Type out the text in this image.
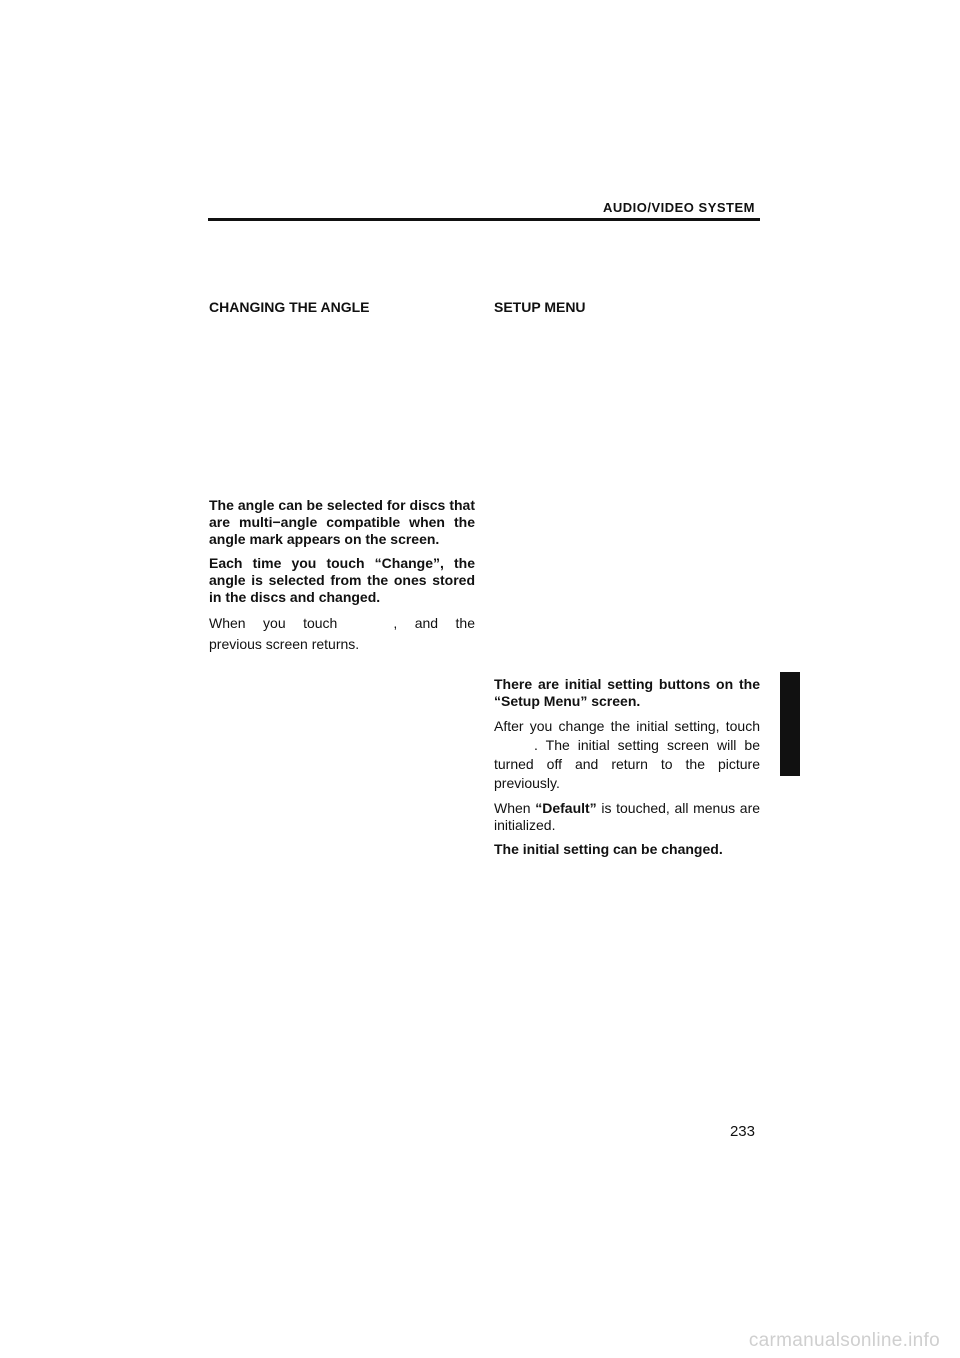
AUDIO/VIDEO SYSTEM
CHANGING THE ANGLE	SETUP MENU

The angle can be selected for discs that are multi−angle compatible when the angle mark appears on the screen.

Each time you touch “Change”, the angle is selected from the ones stored in the discs and changed.

When you touch	, and the previous screen returns.

There are initial setting buttons on the “Setup Menu” screen.

After you change the initial setting, touch. The initial setting screen will be turned off and return to the picture previously.

When “Default” is touched, all menus are initialized.

The initial setting can be changed.

233
carmanualsonline.info
